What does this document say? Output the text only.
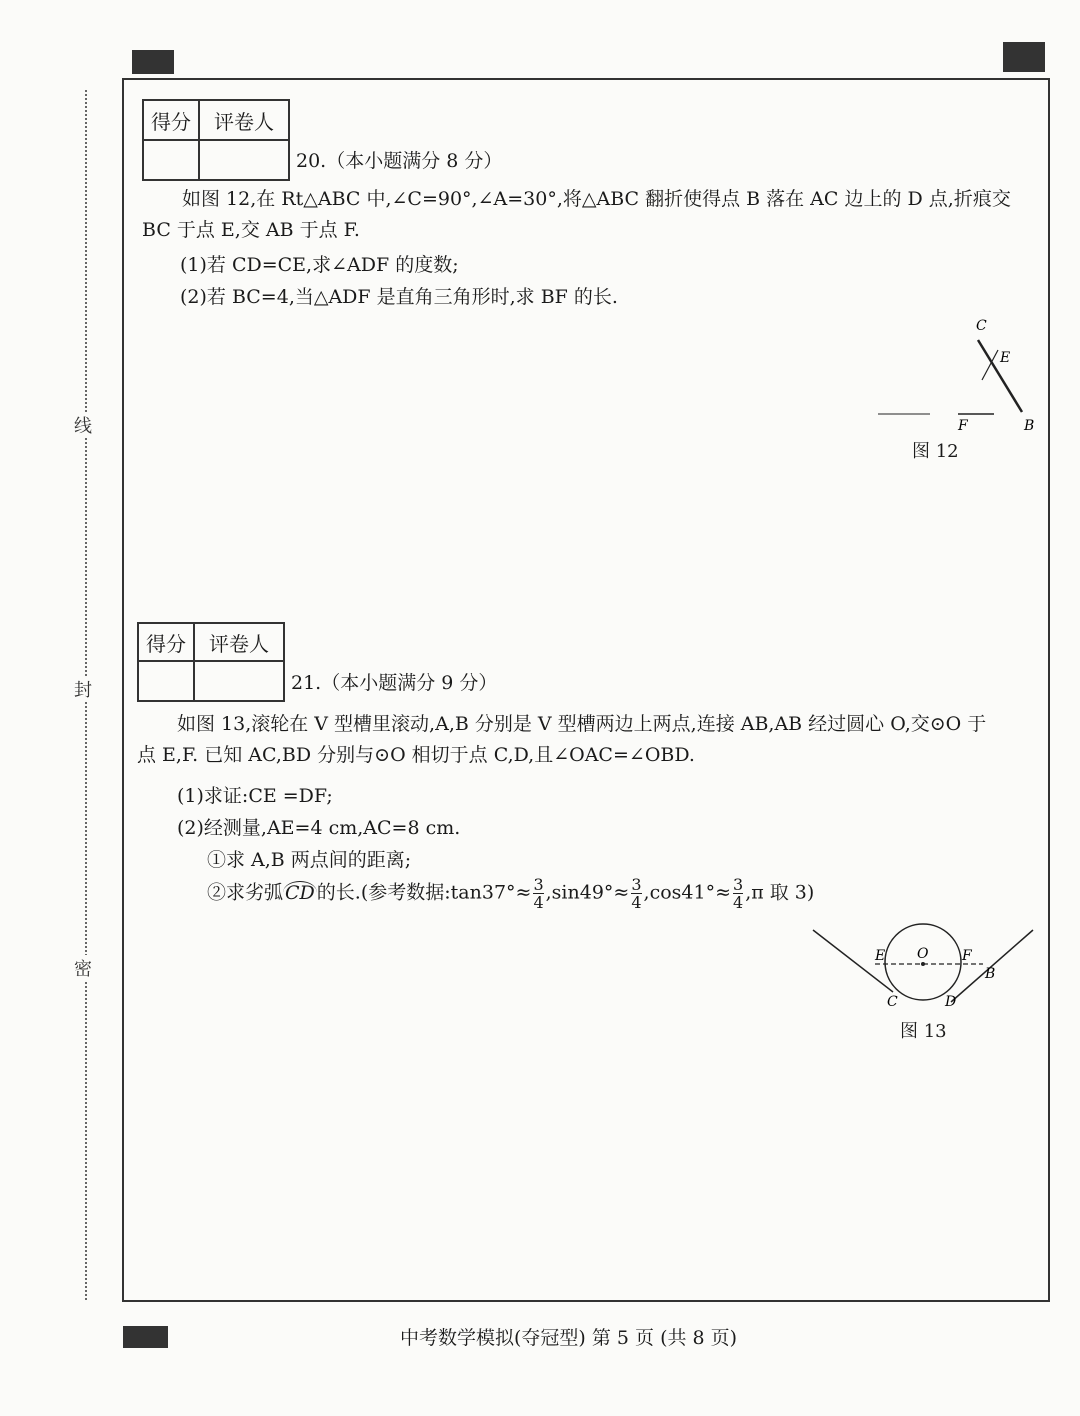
线
封
密
得分	评卷人

20.（本小题满分 8 分）
如图 12,在 Rt△ABC 中,∠C=90°,∠A=30°,将△ABC 翻折使得点 B 落在 AC 边上的 D 点,折痕交
BC 于点 E,交 AB 于点 F.
(1)若 CD=CE,求∠ADF 的度数;
(2)若 BC=4,当△ADF 是直角三角形时,求 BF 的长.
C
E
F	B
图 12
得分	评卷人

21.（本小题满分 9 分）
如图 13,滚轮在 V 型槽里滚动,A,B 分别是 V 型槽两边上两点,连接 AB,AB 经过圆心 O,交⊙O 于
点 E,F. 已知 AC,BD 分别与⊙O 相切于点 C,D,且∠OAC=∠OBD.
(1)求证:CE =DF;
(2)经测量,AE=4 cm,AC=8 cm.
①求 A,B 两点间的距离;
②求劣弧 CD 的长.(参考数据:tan37°≈ $\frac{3}{4} ,\sin 49^\circ\approx \frac{3}{4} ,\cos 41^\circ\approx \frac{3}{4} ,\pi$ 取 3)
E O F
B
C	D
图 13
中考数学模拟(夺冠型) 第 5 页 (共 8 页)
